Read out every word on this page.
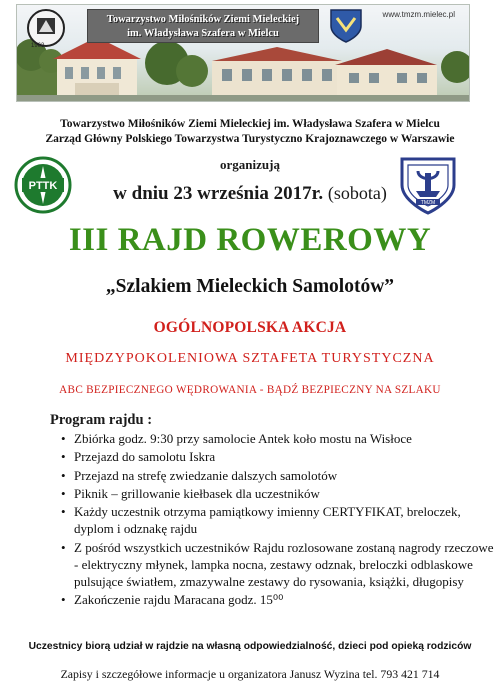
1963
Towarzystwo Miłośników Ziemi Mieleckiej
im. Władysława Szafera w Mielcu
www.tmzm.mielec.pl
Towarzystwo Miłośników Ziemi Mieleckiej im. Władysława Szafera w Mielcu
Zarząd Główny Polskiego Towarzystwa Turystyczno Krajoznawczego w Warszawie
organizują
PTTK	w dniu 23 września 2017r. (sobota)	TMZM
III RAJD ROWEROWY
„Szlakiem Mieleckich Samolotów”
OGÓLNOPOLSKA AKCJA
MIĘDZYPOKOLENIOWA SZTAFETA TURYSTYCZNA
ABC BEZPIECZNEGO WĘDROWANIA - BĄDŹ BEZPIECZNY NA SZLAKU
Program rajdu :
• Zbiórka godz. 9:30 przy samolocie Antek koło mostu na Wisłoce
• Przejazd do samolotu Iskra
• Przejazd na strefę zwiedzanie dalszych samolotów
• Piknik – grillowanie kiełbasek dla uczestników
• Każdy uczestnik otrzyma pamiątkowy imienny CERTYFIKAT, breloczek, dyplom i odznakę rajdu
• Z pośród wszystkich uczestników Rajdu rozlosowane zostaną nagrody rzeczowe - elektryczny młynek, lampka nocna, zestawy odznak, breloczki odblaskowe pulsujące światłem, zmazywalne zestawy do rysowania, książki, długopisy
• Zakończenie rajdu Maracana godz. 15⁰⁰
Uczestnicy biorą udział w rajdzie na własną odpowiedzialność, dzieci pod opieką rodziców
Zapisy i szczegółowe informacje u organizatora Janusz Wyzina tel. 793 421 714
